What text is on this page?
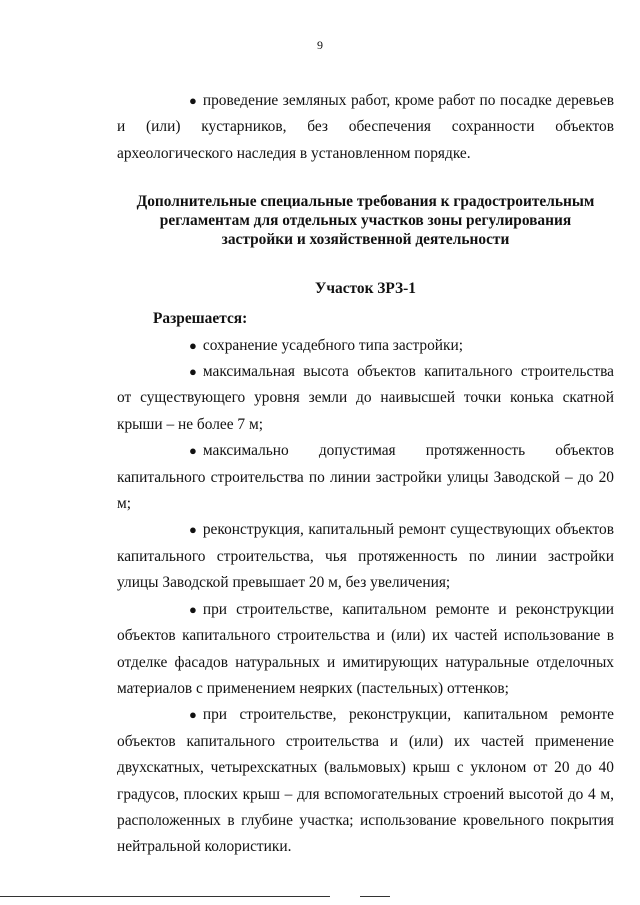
9

● проведение земляных работ, кроме работ по посадке деревьев и (или) кустарников, без обеспечения сохранности объектов археологического наследия в установленном порядке.

Дополнительные специальные требования к градостроительным регламентам для отдельных участков зоны регулирования застройки и хозяйственной деятельности
Участок ЗРЗ-1

Разрешается:

● сохранение усадебного типа застройки;

● максимальная высота объектов капитального строительства от существующего уровня земли до наивысшей точки конька скатной крыши – не более 7 м;

● максимально допустимая протяженность объектов капитального строительства по линии застройки улицы Заводской – до 20 м;

● реконструкция, капитальный ремонт существующих объектов капитального строительства, чья протяженность по линии застройки улицы Заводской превышает 20 м, без увеличения;

● при строительстве, капитальном ремонте и реконструкции объектов капитального строительства и (или) их частей использование в отделке фасадов натуральных и имитирующих натуральные отделочных материалов с применением неярких (пастельных) оттенков;

● при строительстве, реконструкции, капитальном ремонте объектов капитального строительства и (или) их частей применение двухскатных, четырехскатных (вальмовых) крыш с уклоном от 20 до 40 градусов, плоских крыш – для вспомогательных строений высотой до 4 м, расположенных в глубине участка; использование кровельного покрытия нейтральной колористики.
